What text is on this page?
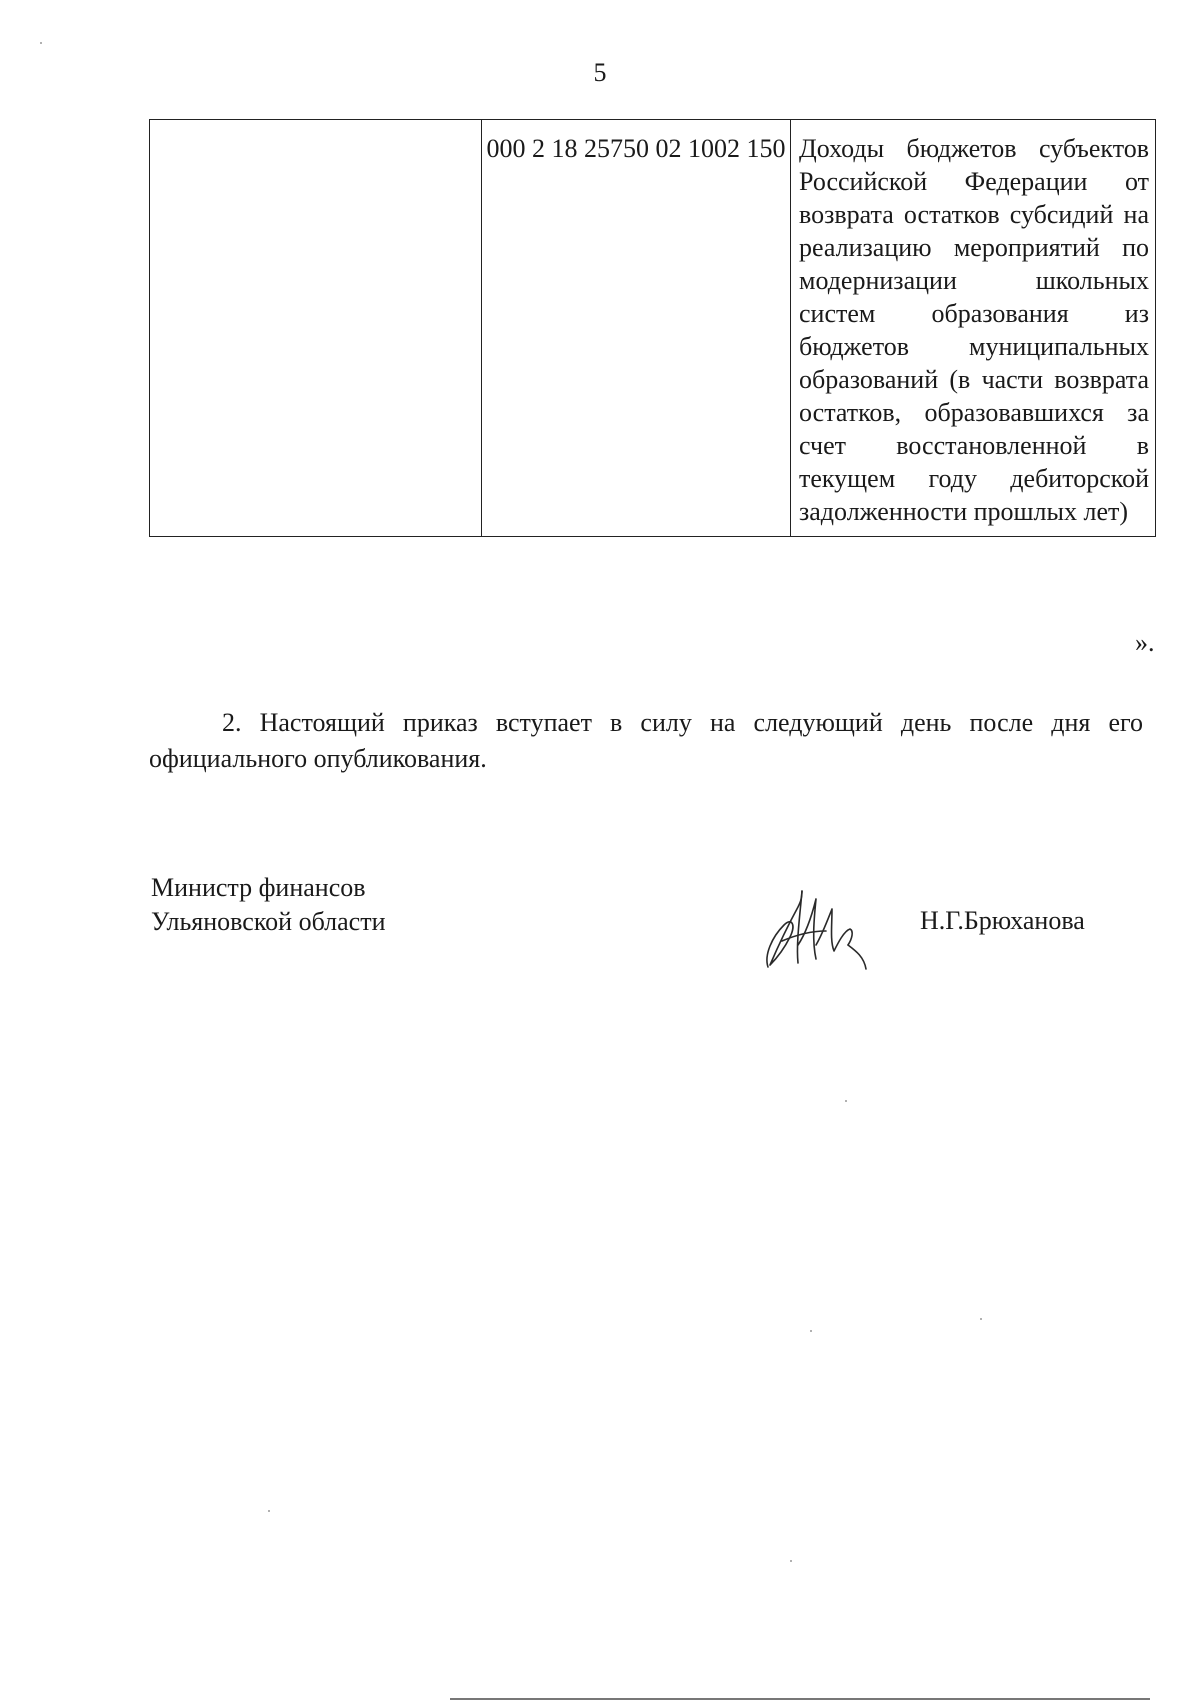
5
	000 2 18 25750 02 1002 150	Доходы бюджетов субъектов Российской Федерации от возврата остатков субсидий на реализацию мероприятий по модернизации школьных систем образования из бюджетов муниципальных образований (в части возврата остатков, образовавшихся за счет восстановленной в текущем году дебиторской задолженности прошлых лет)
».
2. Настоящий приказ вступает в силу на следующий день после дня его официального опубликования.
Министр финансов
Ульяновской области	Н.Г.Брюханова
